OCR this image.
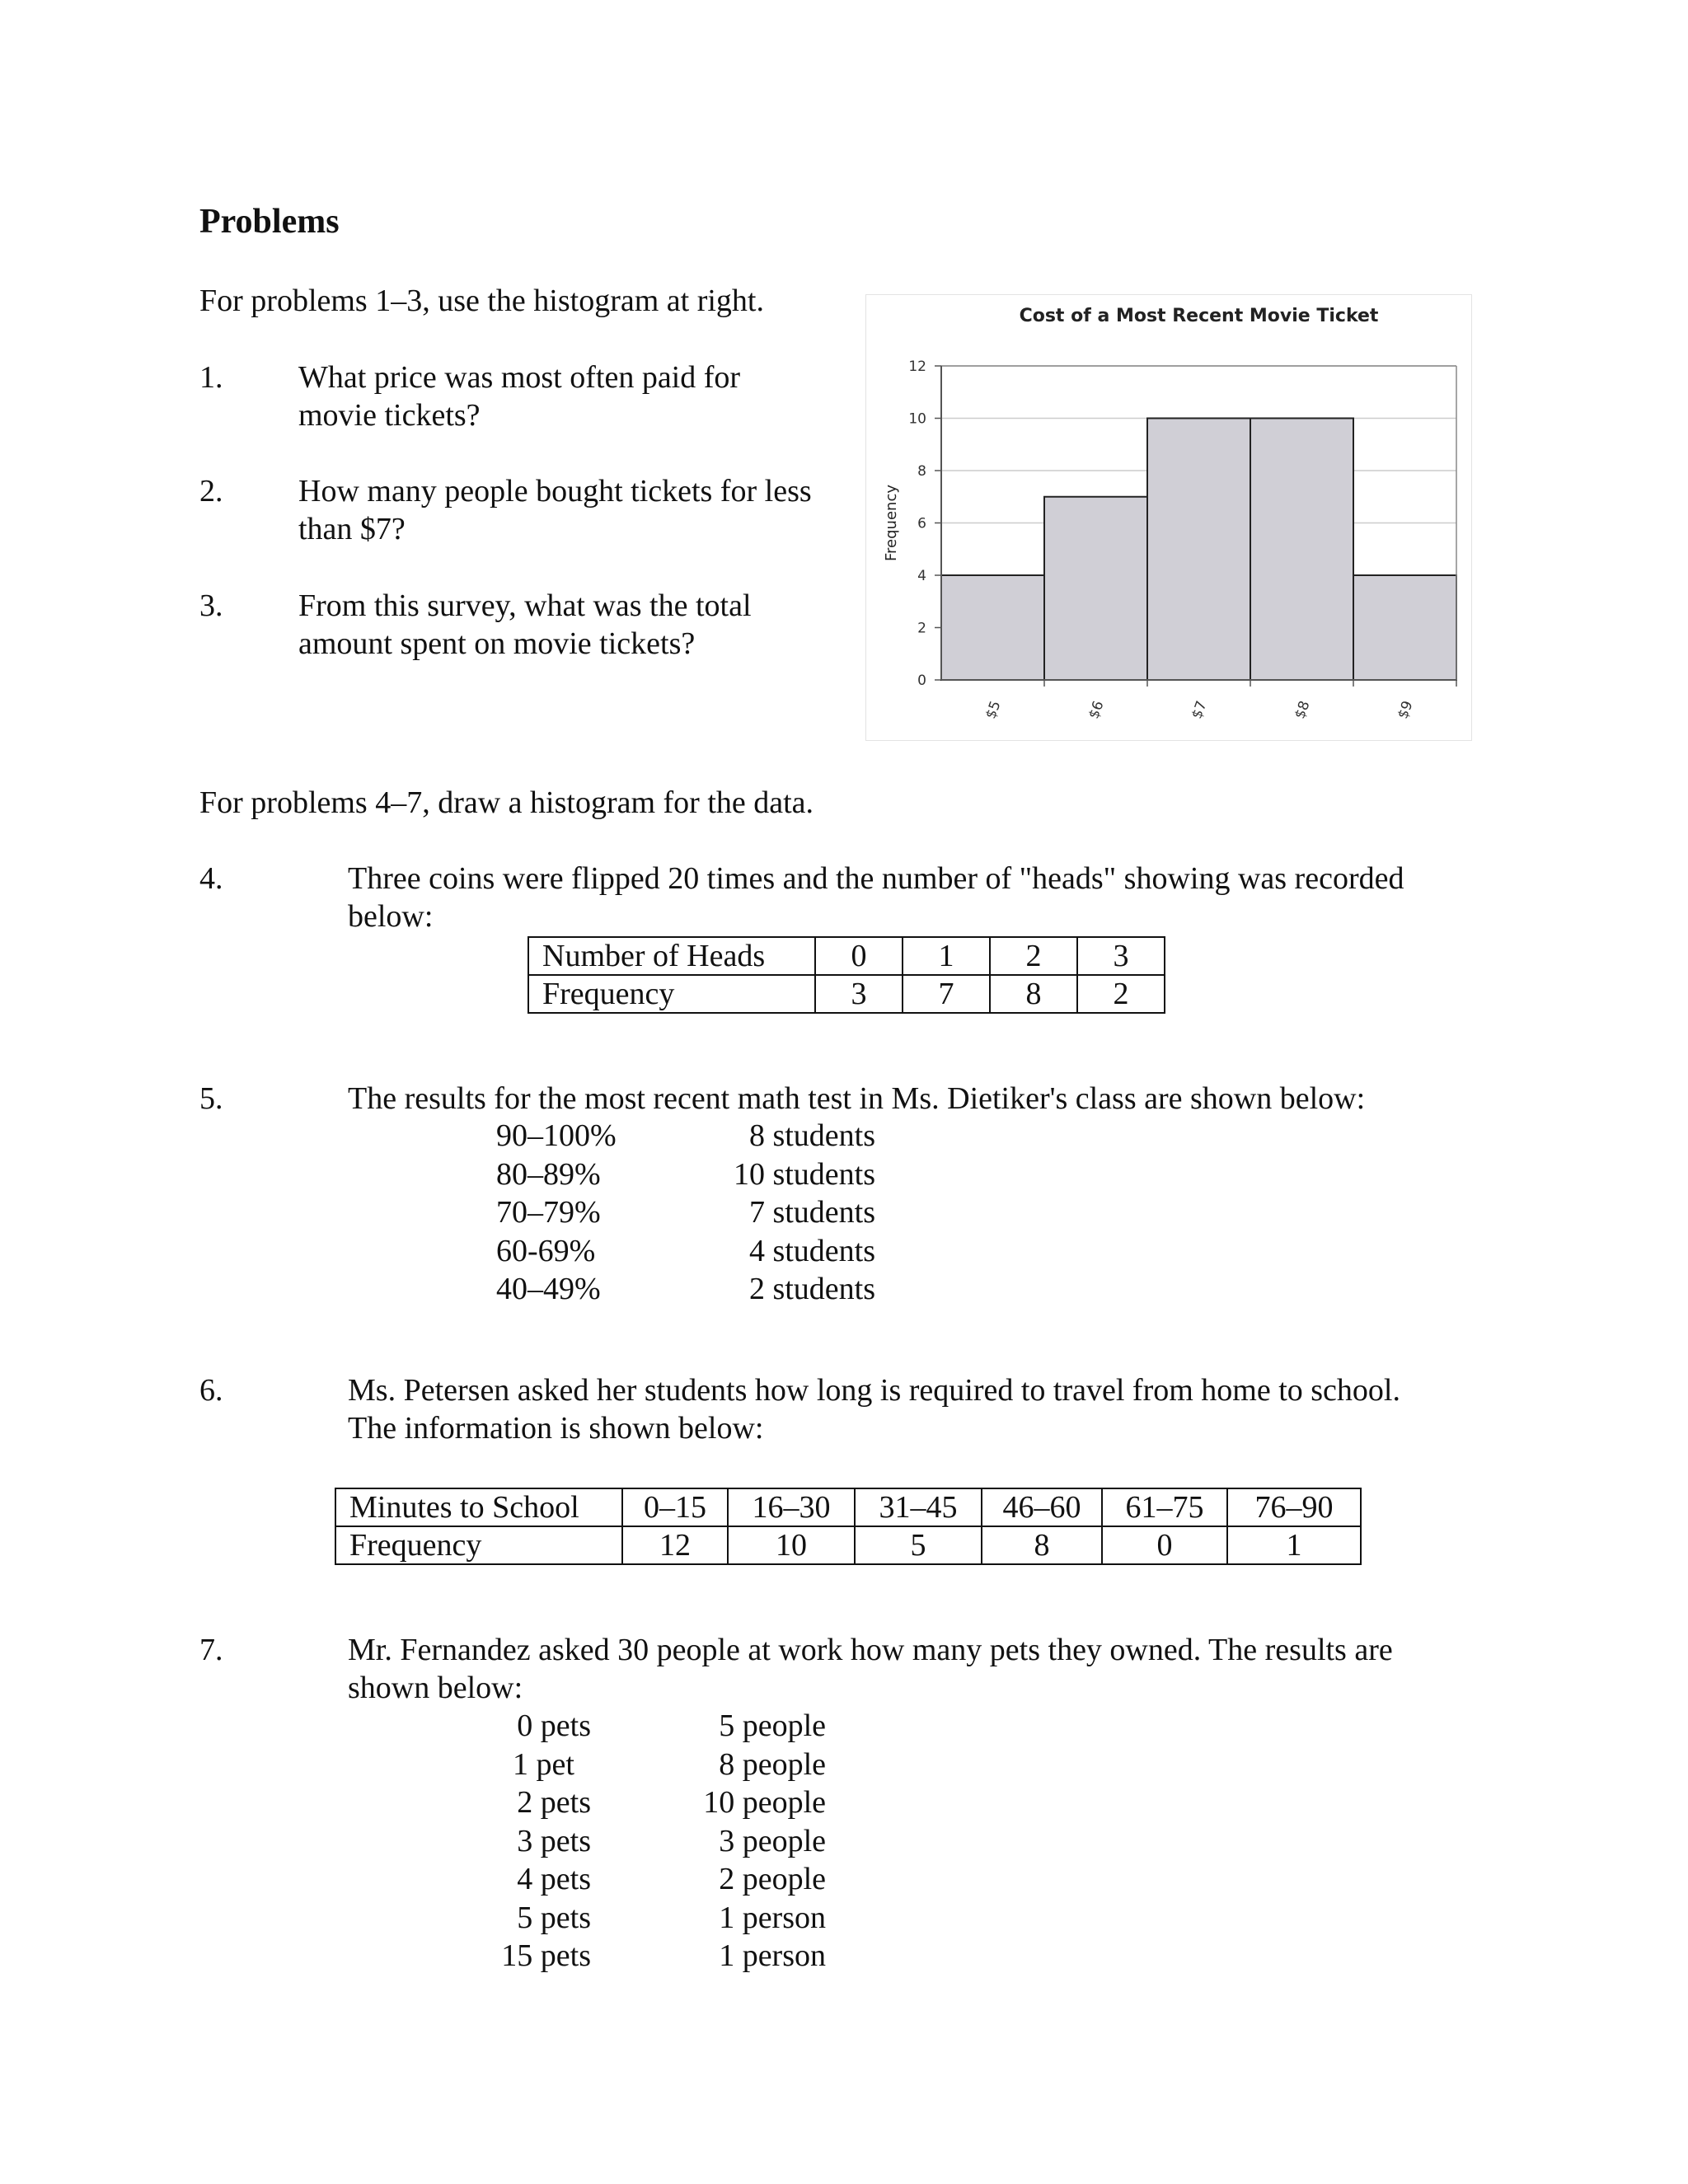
Problems
For problems 1–3, use the histogram at right.
1. What price was most often paid for
movie tickets?
2. How many people bought tickets for less
than $7?
3. From this survey, what was the total
amount spent on movie tickets?
Cost of a Most Recent Movie Ticket
0
2
4
6
8
10
12
$5	$6	$7	$8	$9
Frequency
For problems 4–7, draw a histogram for the data.
4.	Three coins were flipped 20 times and the number of "heads" showing was recorded
below:
Number of Heads	0	1	2	3
Frequency	3	7	8	2
5.	The results for the most recent math test in Ms. Dietiker's class are shown below:
90–100%	8 students
80–89%	10 students
70–79%	7 students
60-69%	4 students
40–49%	2 students
6.	Ms. Petersen asked her students how long is required to travel from home to school.
The information is shown below:
Minutes to School	0–15	16–30	31–45	46–60	61–75	76–90
Frequency	12	10	5	8	0	1
7.	Mr. Fernandez asked 30 people at work how many pets they owned. The results are
shown below:
0 pets	5 people
1 pet	8 people
2 pets	10 people
3 pets	3 people
4 pets	2 people
5 pets	1 person
15 pets	1 person
